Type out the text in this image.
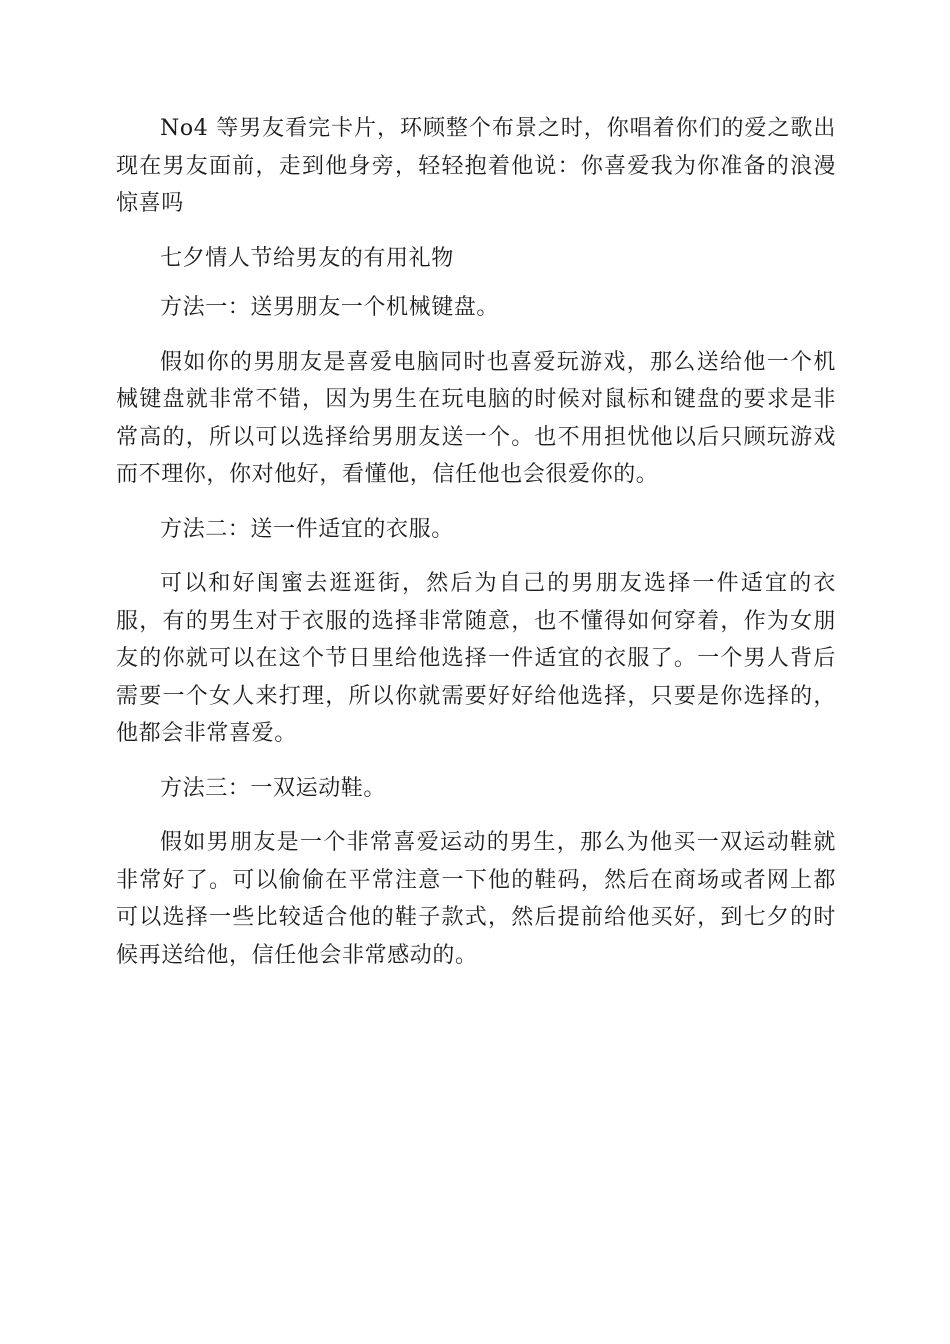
No4 等男友看完卡片，环顾整个布景之时，你唱着你们的爱之歌出现在男友面前，走到他身旁，轻轻抱着他说：你喜爱我为你准备的浪漫惊喜吗

七夕情人节给男友的有用礼物

方法一：送男朋友一个机械键盘。

假如你的男朋友是喜爱电脑同时也喜爱玩游戏，那么送给他一个机械键盘就非常不错，因为男生在玩电脑的时候对鼠标和键盘的要求是非常高的，所以可以选择给男朋友送一个。也不用担忧他以后只顾玩游戏而不理你，你对他好，看懂他，信任他也会很爱你的。

方法二：送一件适宜的衣服。

可以和好闺蜜去逛逛街，然后为自己的男朋友选择一件适宜的衣服，有的男生对于衣服的选择非常随意，也不懂得如何穿着，作为女朋友的你就可以在这个节日里给他选择一件适宜的衣服了。一个男人背后需要一个女人来打理，所以你就需要好好给他选择，只要是你选择的，他都会非常喜爱。

方法三：一双运动鞋。

假如男朋友是一个非常喜爱运动的男生，那么为他买一双运动鞋就非常好了。可以偷偷在平常注意一下他的鞋码，然后在商场或者网上都可以选择一些比较适合他的鞋子款式，然后提前给他买好，到七夕的时候再送给他，信任他会非常感动的。
